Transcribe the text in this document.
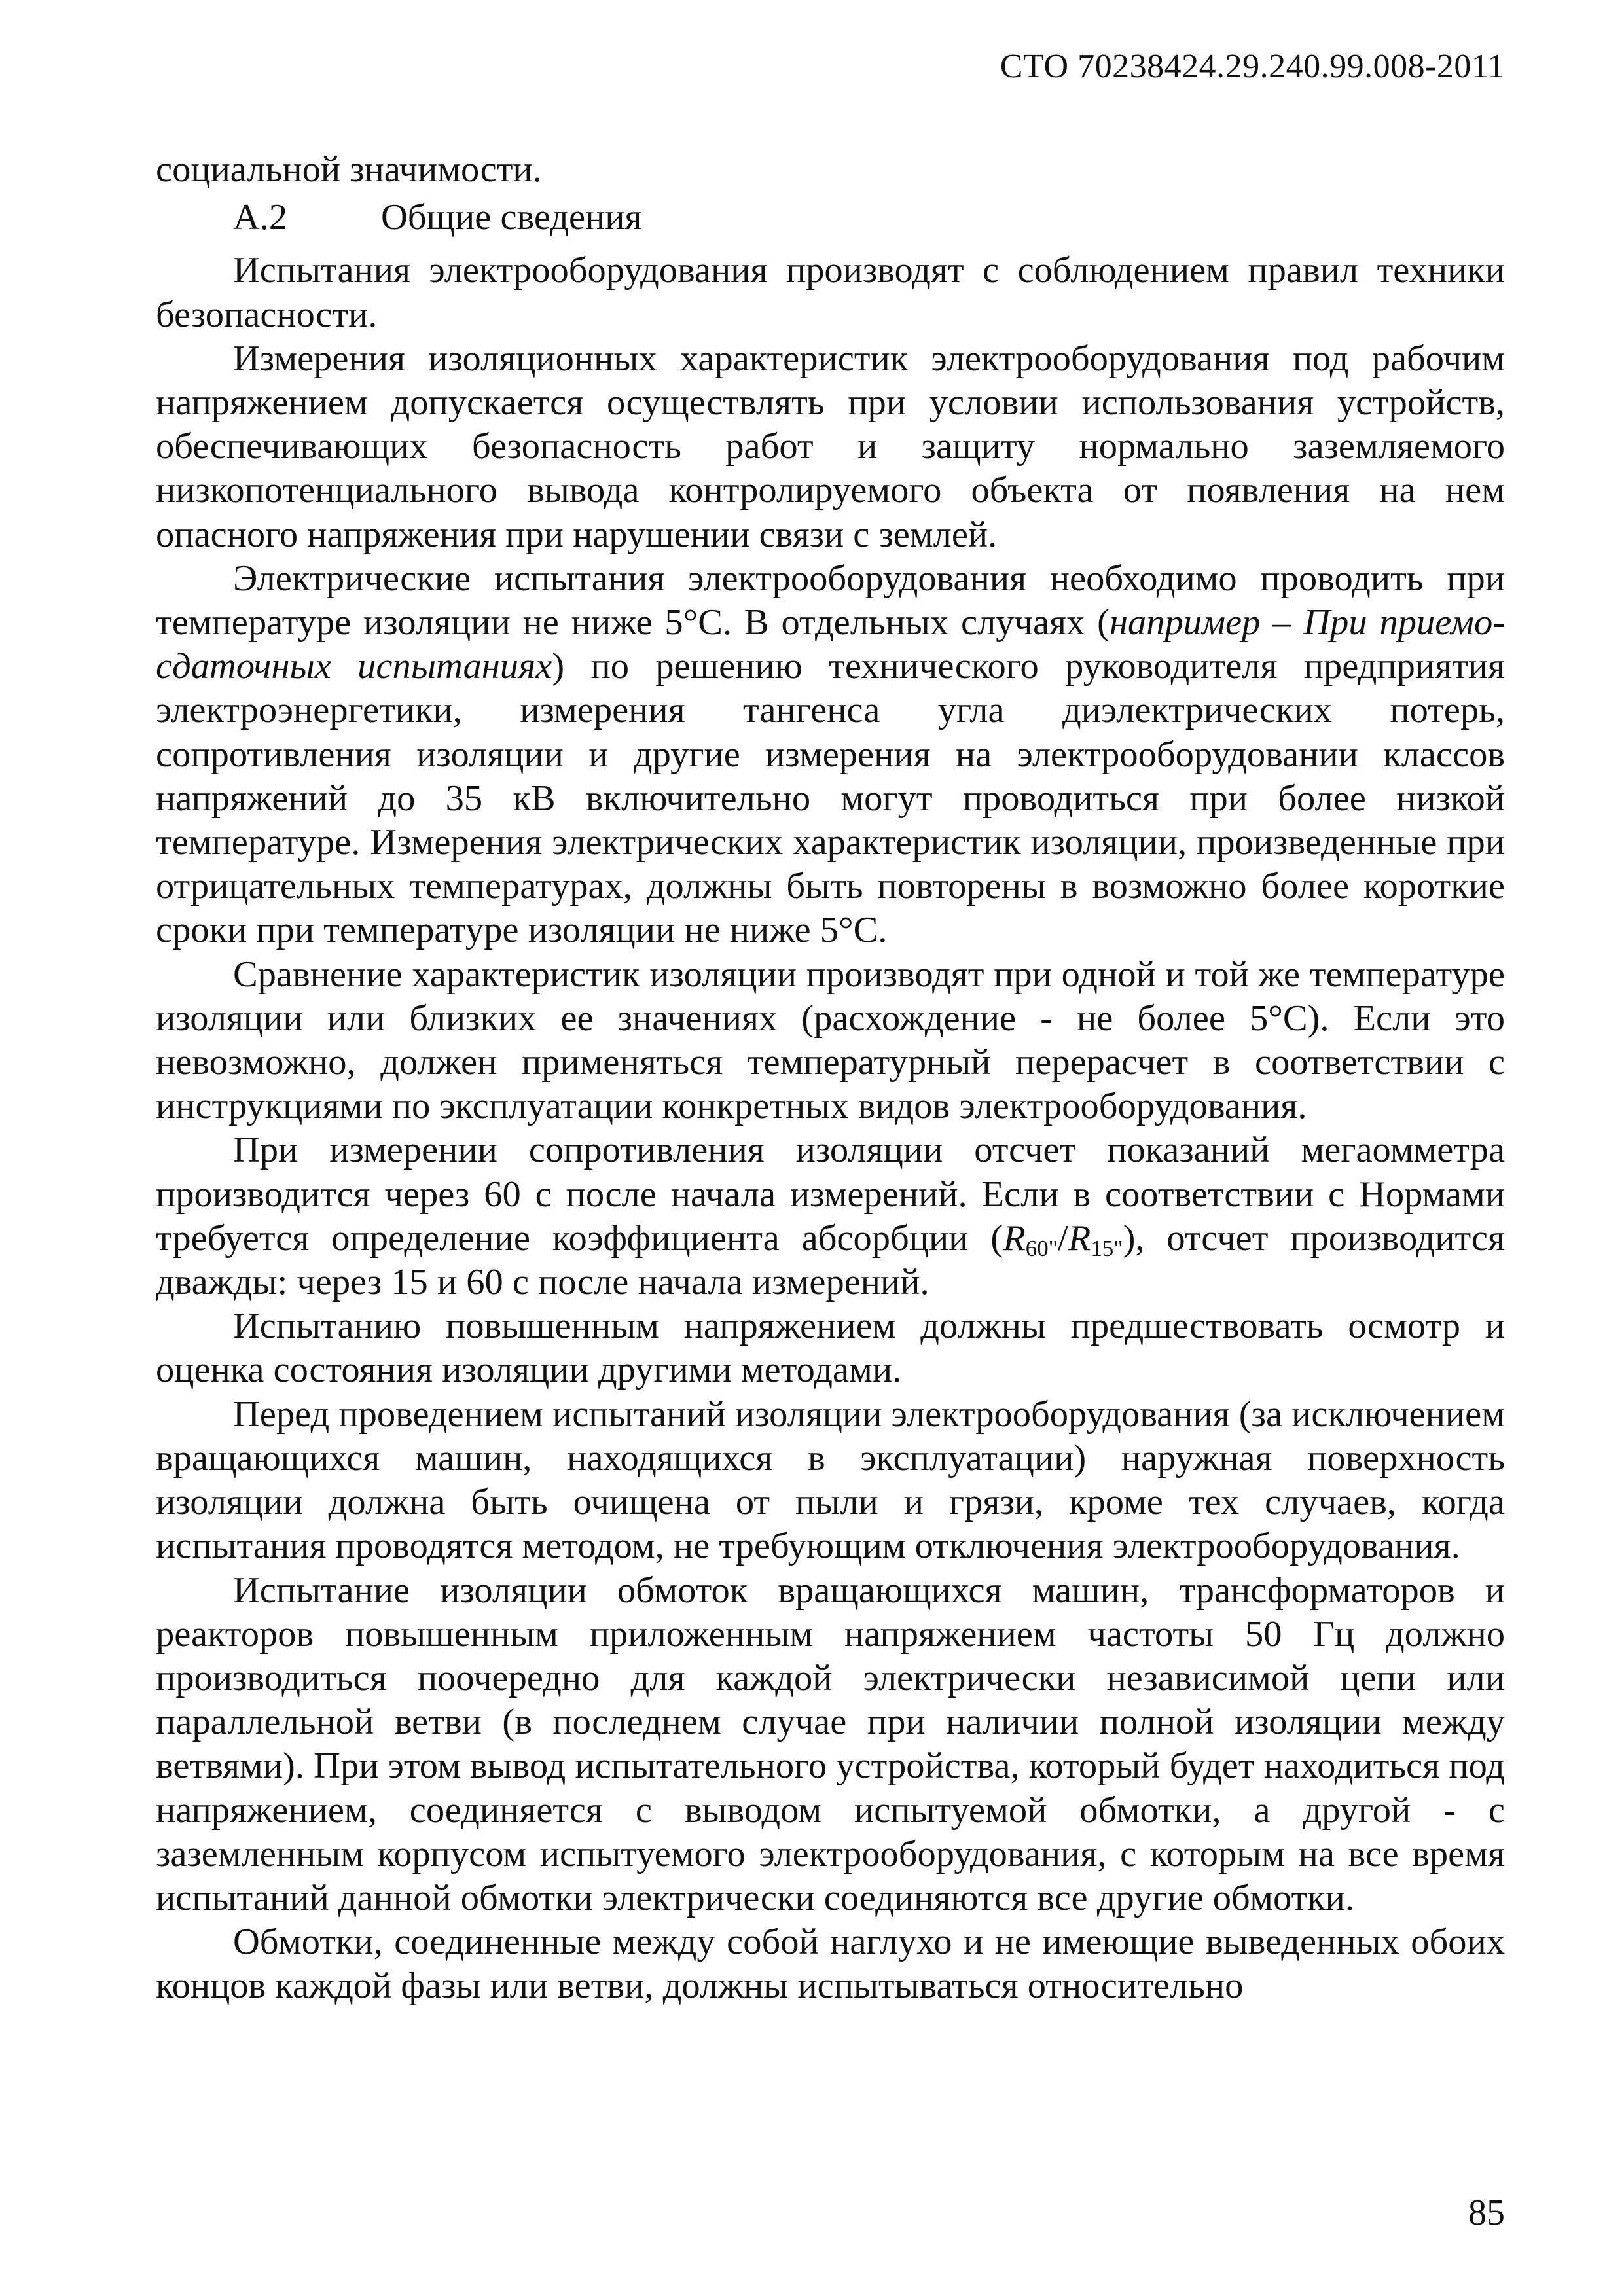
СТО 70238424.29.240.99.008-2011

социальной значимости.

А.2	Общие сведения

Испытания электрооборудования производят с соблюдением правил техники безопасности.

Измерения изоляционных характеристик электрооборудования под рабочим напряжением допускается осуществлять при условии использования устройств, обеспечивающих безопасность работ и защиту нормально заземляемого низкопотенциального вывода контролируемого объекта от появления на нем опасного напряжения при нарушении связи с землей.

Электрические испытания электрооборудования необходимо проводить при температуре изоляции не ниже 5°С. В отдельных случаях (например – При приемо-сдаточных испытаниях) по решению технического руководителя предприятия электроэнергетики, измерения тангенса угла диэлектрических потерь, сопротивления изоляции и другие измерения на электрооборудовании классов напряжений до 35 кВ включительно могут проводиться при более низкой температуре. Измерения электрических характеристик изоляции, произведенные при отрицательных температурах, должны быть повторены в возможно более короткие сроки при температуре изоляции не ниже 5°С.

Сравнение характеристик изоляции производят при одной и той же температуре изоляции или близких ее значениях (расхождение - не более 5°С). Если это невозможно, должен применяться температурный перерасчет в соответствии с инструкциями по эксплуатации конкретных видов электрооборудования.

При измерении сопротивления изоляции отсчет показаний мегаомметра производится через 60 с после начала измерений. Если в соответствии с Нормами требуется определение коэффициента абсорбции $(R_{60"}/R_{15"})$, отсчет производится дважды: через 15 и 60 с после начала измерений.

Испытанию повышенным напряжением должны предшествовать осмотр и оценка состояния изоляции другими методами.

Перед проведением испытаний изоляции электрооборудования (за исключением вращающихся машин, находящихся в эксплуатации) наружная поверхность изоляции должна быть очищена от пыли и грязи, кроме тех случаев, когда испытания проводятся методом, не требующим отключения электрооборудования.

Испытание изоляции обмоток вращающихся машин, трансформаторов и реакторов повышенным приложенным напряжением частоты 50 Гц должно производиться поочередно для каждой электрически независимой цепи или параллельной ветви (в последнем случае при наличии полной изоляции между ветвями). При этом вывод испытательного устройства, который будет находиться под напряжением, соединяется с выводом испытуемой обмотки, а другой - с заземленным корпусом испытуемого электрооборудования, с которым на все время испытаний данной обмотки электрически соединяются все другие обмотки.

Обмотки, соединенные между собой наглухо и не имеющие выведенных обоих концов каждой фазы или ветви, должны испытываться относительно

85
